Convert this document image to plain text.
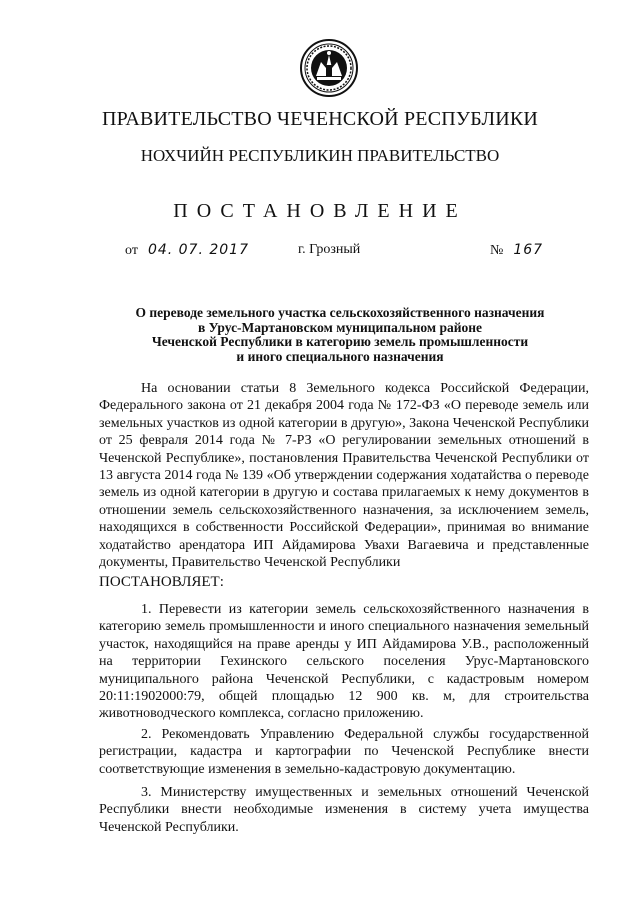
ПРАВИТЕЛЬСТВО ЧЕЧЕНСКОЙ РЕСПУБЛИКИ
НОХЧИЙН РЕСПУБЛИКИН ПРАВИТЕЛЬСТВО
ПОСТАНОВЛЕНИЕ
от 04. 07. 2017	г. Грозный	№ 167
О переводе земельного участка сельскохозяйственного назначения
в Урус-Мартановском муниципальном районе
Чеченской Республики в категорию земель промышленности
и иного специального назначения

На основании статьи 8 Земельного кодекса Российской Федерации, Федерального закона от 21 декабря 2004 года № 172-ФЗ «О переводе земель или земельных участков из одной категории в другую», Закона Чеченской Республики от 25 февраля 2014 года № 7-РЗ «О регулировании земельных отношений в Чеченской Республике», постановления Правительства Чеченской Республики от 13 августа 2014 года № 139 «Об утверждении содержания ходатайства о переводе земель из одной категории в другую и состава прилагаемых к нему документов в отношении земель сельскохозяйственного назначения, за исключением земель, находящихся в собственности Российской Федерации», принимая во внимание ходатайство арендатора ИП Айдамирова Увахи Вагаевича и представленные документы, Правительство Чеченской Республики

ПОСТАНОВЛЯЕТ:

1. Перевести из категории земель сельскохозяйственного назначения в категорию земель промышленности и иного специального назначения земельный участок, находящийся на праве аренды у ИП Айдамирова У.В., расположенный на территории Гехинского сельского поселения Урус-Мартановского муниципального района Чеченской Республики, с кадастровым номером 20:11:1902000:79, общей площадью 12 900 кв. м, для строительства животноводческого комплекса, согласно приложению.

2. Рекомендовать Управлению Федеральной службы государственной регистрации, кадастра и картографии по Чеченской Республике внести соответствующие изменения в земельно-кадастровую документацию.

3. Министерству имущественных и земельных отношений Чеченской Республики внести необходимые изменения в систему учета имущества Чеченской Республики.
